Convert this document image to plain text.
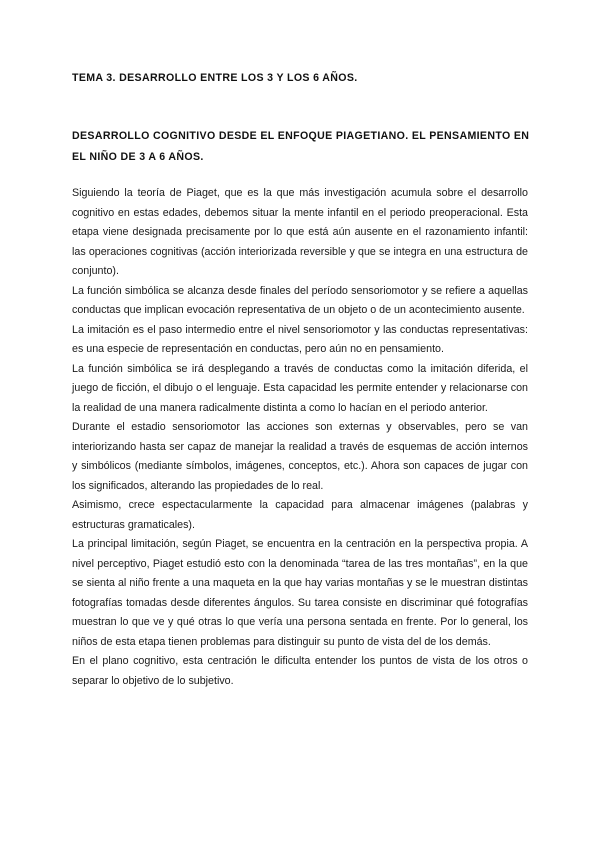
TEMA 3. DESARROLLO ENTRE LOS 3 Y LOS 6 AÑOS.
DESARROLLO COGNITIVO DESDE EL ENFOQUE PIAGETIANO. EL PENSAMIENTO EN EL NIÑO DE 3 A 6 AÑOS.

Siguiendo la teoría de Piaget, que es la que más investigación acumula sobre el desarrollo cognitivo en estas edades, debemos situar la mente infantil en el periodo preoperacional. Esta etapa viene designada precisamente por lo que está aún ausente en el razonamiento infantil: las operaciones cognitivas (acción interiorizada reversible y que se integra en una estructura de conjunto).

La función simbólica se alcanza desde finales del período sensoriomotor y se refiere a aquellas conductas que implican evocación representativa de un objeto o de un acontecimiento ausente.

La imitación es el paso intermedio entre el nivel sensoriomotor y las conductas representativas: es una especie de representación en conductas, pero aún no en pensamiento.

La función simbólica se irá desplegando a través de conductas como la imitación diferida, el juego de ficción, el dibujo o el lenguaje. Esta capacidad les permite entender y relacionarse con la realidad de una manera radicalmente distinta a como lo hacían en el periodo anterior.

Durante el estadio sensoriomotor las acciones son externas y observables, pero se van interiorizando hasta ser capaz de manejar la realidad a través de esquemas de acción internos y simbólicos (mediante símbolos, imágenes, conceptos, etc.). Ahora son capaces de jugar con los significados, alterando las propiedades de lo real.

Asimismo, crece espectacularmente la capacidad para almacenar imágenes (palabras y estructuras gramaticales).

La principal limitación, según Piaget, se encuentra en la centración en la perspectiva propia. A nivel perceptivo, Piaget estudió esto con la denominada “tarea de las tres montañas”, en la que se sienta al niño frente a una maqueta en la que hay varias montañas y se le muestran distintas fotografías tomadas desde diferentes ángulos. Su tarea consiste en discriminar qué fotografías muestran lo que ve y qué otras lo que vería una persona sentada en frente. Por lo general, los niños de esta etapa tienen problemas para distinguir su punto de vista del de los demás.

En el plano cognitivo, esta centración le dificulta entender los puntos de vista de los otros o separar lo objetivo de lo subjetivo.
